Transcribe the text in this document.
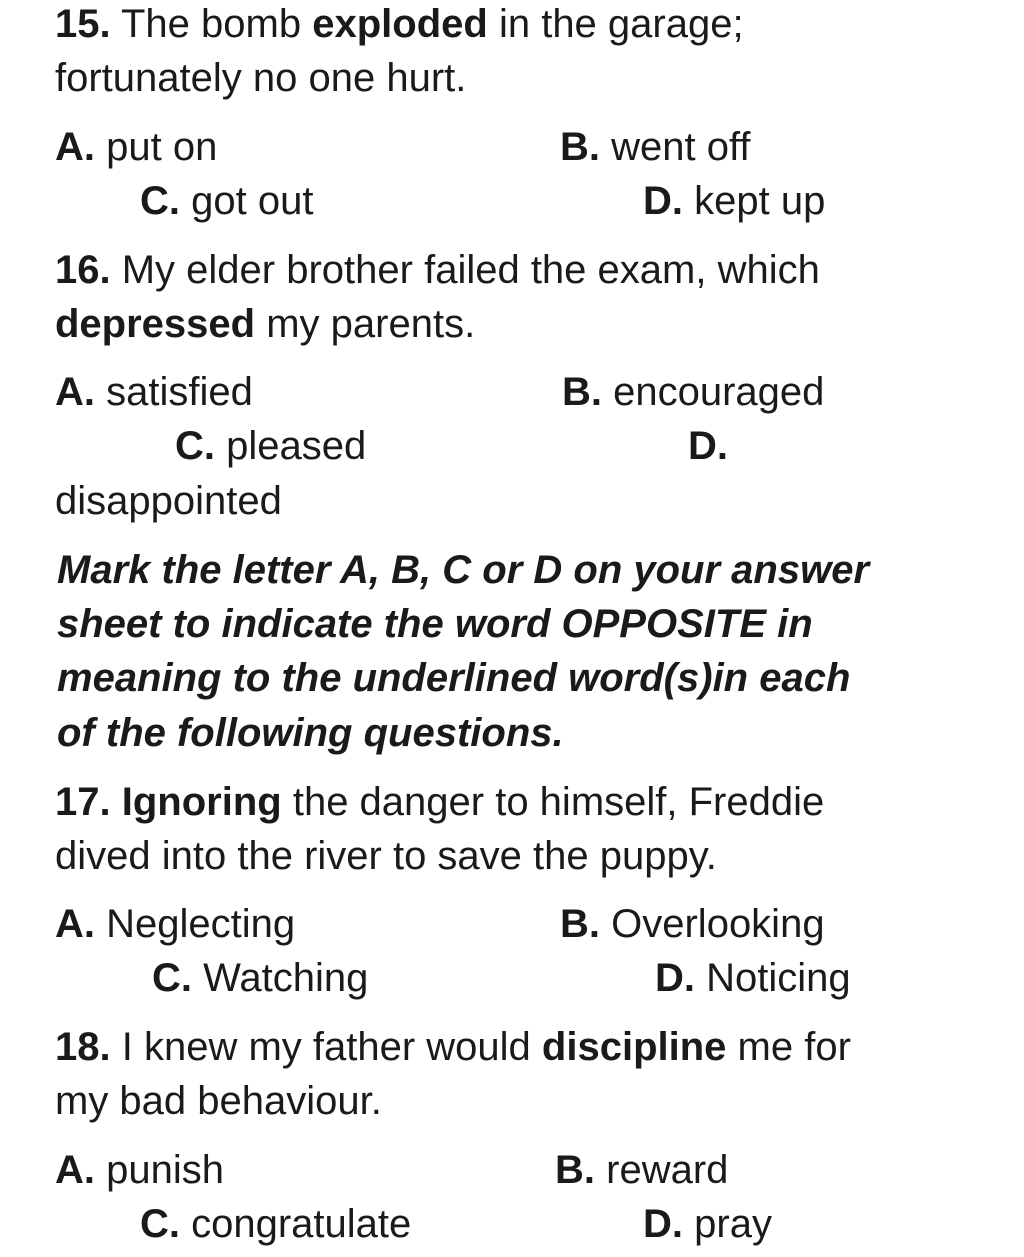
15. The bomb exploded in the garage;
fortunately no one hurt.
A. put on	B. went off
C. got out	D. kept up
16. My elder brother failed the exam, which
depressed my parents.
A. satisfied	B. encouraged
C. pleased	D.
disappointed
Mark the letter A, B, C or D on your answer
sheet to indicate the word OPPOSITE in
meaning to the underlined word(s)in each
of the following questions.
17. Ignoring the danger to himself, Freddie
dived into the river to save the puppy.
A. Neglecting	B. Overlooking
C. Watching	D. Noticing
18. I knew my father would discipline me for
my bad behaviour.
A. punish	B. reward
C. congratulate	D. pray
